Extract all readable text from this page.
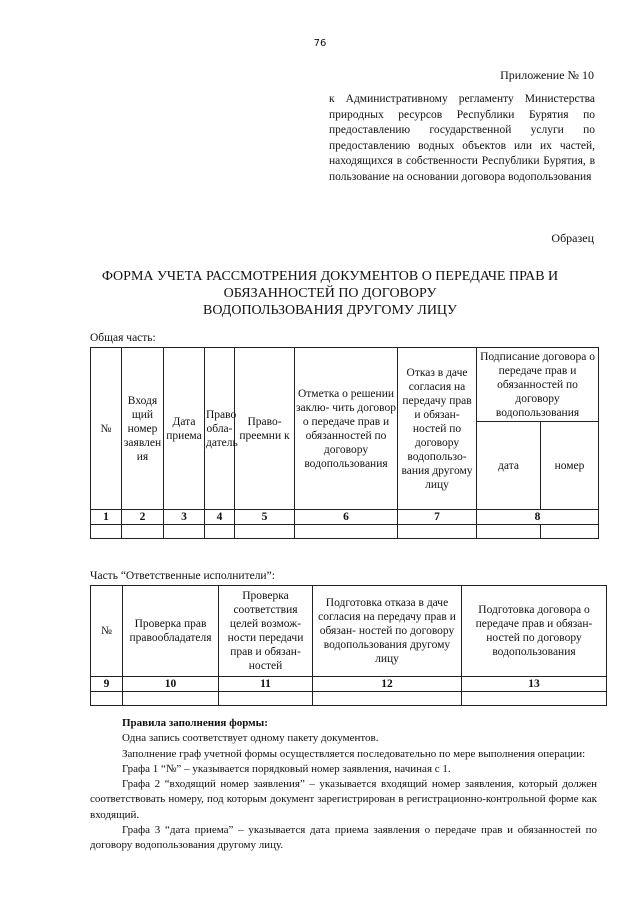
76
Приложение № 10
к Административному регламенту Министерства природных ресурсов Республики Бурятия по предоставлению государственной услуги по предоставлению водных объектов или их частей, находящихся в собственности Республики Бурятия, в пользование на основании договора водопользования
Образец
ФОРМА УЧЕТА РАССМОТРЕНИЯ ДОКУМЕНТОВ О ПЕРЕДАЧЕ ПРАВ И
ОБЯЗАННОСТЕЙ ПО ДОГОВОРУ
ВОДОПОЛЬЗОВАНИЯ ДРУГОМУ ЛИЦУ
Общая часть:
№	Входя щий номер заявлен ия	Дата приема	Право обла- датель	Право- преемни к	Отметка о решении заклю- чить договор о передаче прав и обязанностей по договору водопользования	Отказ в даче согласия на передачу прав и обязан- ностей по договору водопользо- вания другому лицу	Подписание договора о передаче прав и обязанностей по договору водопользования	
							дата	номер
1	2	3	4	5	6	7	8	

Часть “Ответственные исполнители”:
№	Проверка прав правообладателя	Проверка соответствия целей возмож- ности передачи прав и обязан- ностей	Подготовка отказа в даче согласия на передачу прав и обязан- ностей по договору водопользования другому лицу	Подготовка договора о передаче прав и обязан- ностей по договору водопользования
9	10	11	12	13

Правила заполнения формы:

Одна запись соответствует одному пакету документов.

Заполнение граф учетной формы осуществляется последовательно по мере выполнения операции:

Графа 1 “№” – указывается порядковый номер заявления, начиная с 1.

Графа 2 “входящий номер заявления” – указывается входящий номер заявления, который должен соответствовать номеру, под которым документ зарегистрирован в регистрационно-контрольной форме как входящий.

Графа 3 “дата приема” – указывается дата приема заявления о передаче прав и обязанностей по договору водопользования другому лицу.
